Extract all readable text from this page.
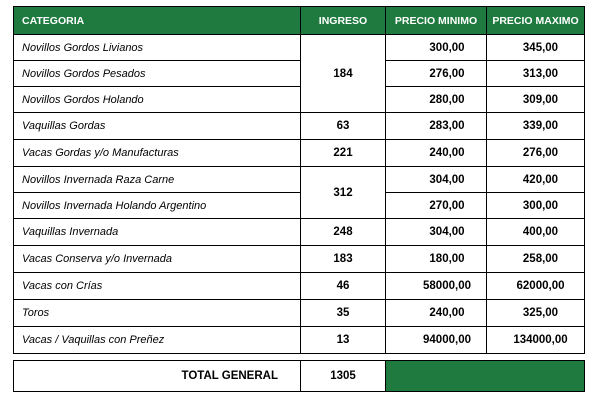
CATEGORIA	INGRESO	PRECIO MINIMO	PRECIO MAXIMO
Novillos Gordos Livianos	184	300,00	345,00
Novillos Gordos Pesados		276,00	313,00
Novillos Gordos Holando		280,00	309,00
Vaquillas Gordas	63	283,00	339,00
Vacas Gordas y/o Manufacturas	221	240,00	276,00
Novillos Invernada Raza Carne	312	304,00	420,00
Novillos Invernada Holando Argentino		270,00	300,00
Vaquillas Invernada	248	304,00	400,00
Vacas Conserva y/o Invernada	183	180,00	258,00
Vacas con Crías	46	58000,00	62000,00
Toros	35	240,00	325,00
Vacas / Vaquillas con Preñez	13	94000,00	134000,00

TOTAL GENERAL	1305		
